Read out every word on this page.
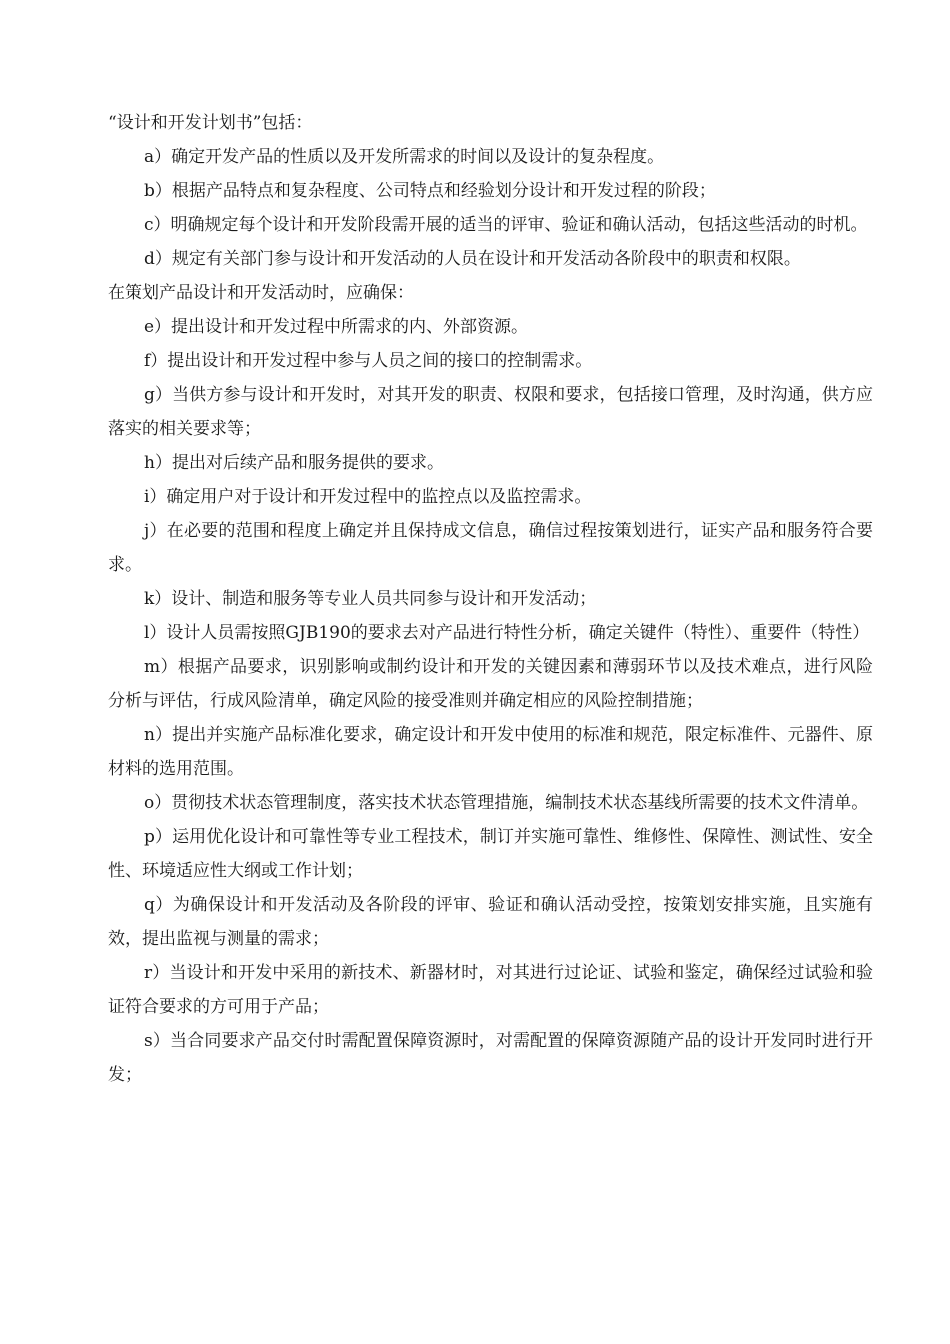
“设计和开发计划书”包括：

a）确定开发产品的性质以及开发所需求的时间以及设计的复杂程度。

b）根据产品特点和复杂程度、公司特点和经验划分设计和开发过程的阶段；

c）明确规定每个设计和开发阶段需开展的适当的评审、验证和确认活动，包括这些活动的时机。

d）规定有关部门参与设计和开发活动的人员在设计和开发活动各阶段中的职责和权限。

在策划产品设计和开发活动时，应确保：

e）提出设计和开发过程中所需求的内、外部资源。

f）提出设计和开发过程中参与人员之间的接口的控制需求。

g）当供方参与设计和开发时，对其开发的职责、权限和要求，包括接口管理，及时沟通，供方应落实的相关要求等；

h）提出对后续产品和服务提供的要求。

i）确定用户对于设计和开发过程中的监控点以及监控需求。

j）在必要的范围和程度上确定并且保持成文信息，确信过程按策划进行，证实产品和服务符合要求。

k）设计、制造和服务等专业人员共同参与设计和开发活动；

l）设计人员需按照GJB190的要求去对产品进行特性分析，确定关键件（特性）、重要件（特性）

m）根据产品要求，识别影响或制约设计和开发的关键因素和薄弱环节以及技术难点，进行风险分析与评估，行成风险清单，确定风险的接受准则并确定相应的风险控制措施；

n）提出并实施产品标准化要求，确定设计和开发中使用的标准和规范，限定标准件、元器件、原材料的选用范围。

o）贯彻技术状态管理制度，落实技术状态管理措施，编制技术状态基线所需要的技术文件清单。

p）运用优化设计和可靠性等专业工程技术，制订并实施可靠性、维修性、保障性、测试性、安全性、环境适应性大纲或工作计划；

q）为确保设计和开发活动及各阶段的评审、验证和确认活动受控，按策划安排实施，且实施有效，提出监视与测量的需求；

r）当设计和开发中采用的新技术、新器材时，对其进行过论证、试验和鉴定，确保经过试验和验证符合要求的方可用于产品；

s）当合同要求产品交付时需配置保障资源时，对需配置的保障资源随产品的设计开发同时进行开发；
